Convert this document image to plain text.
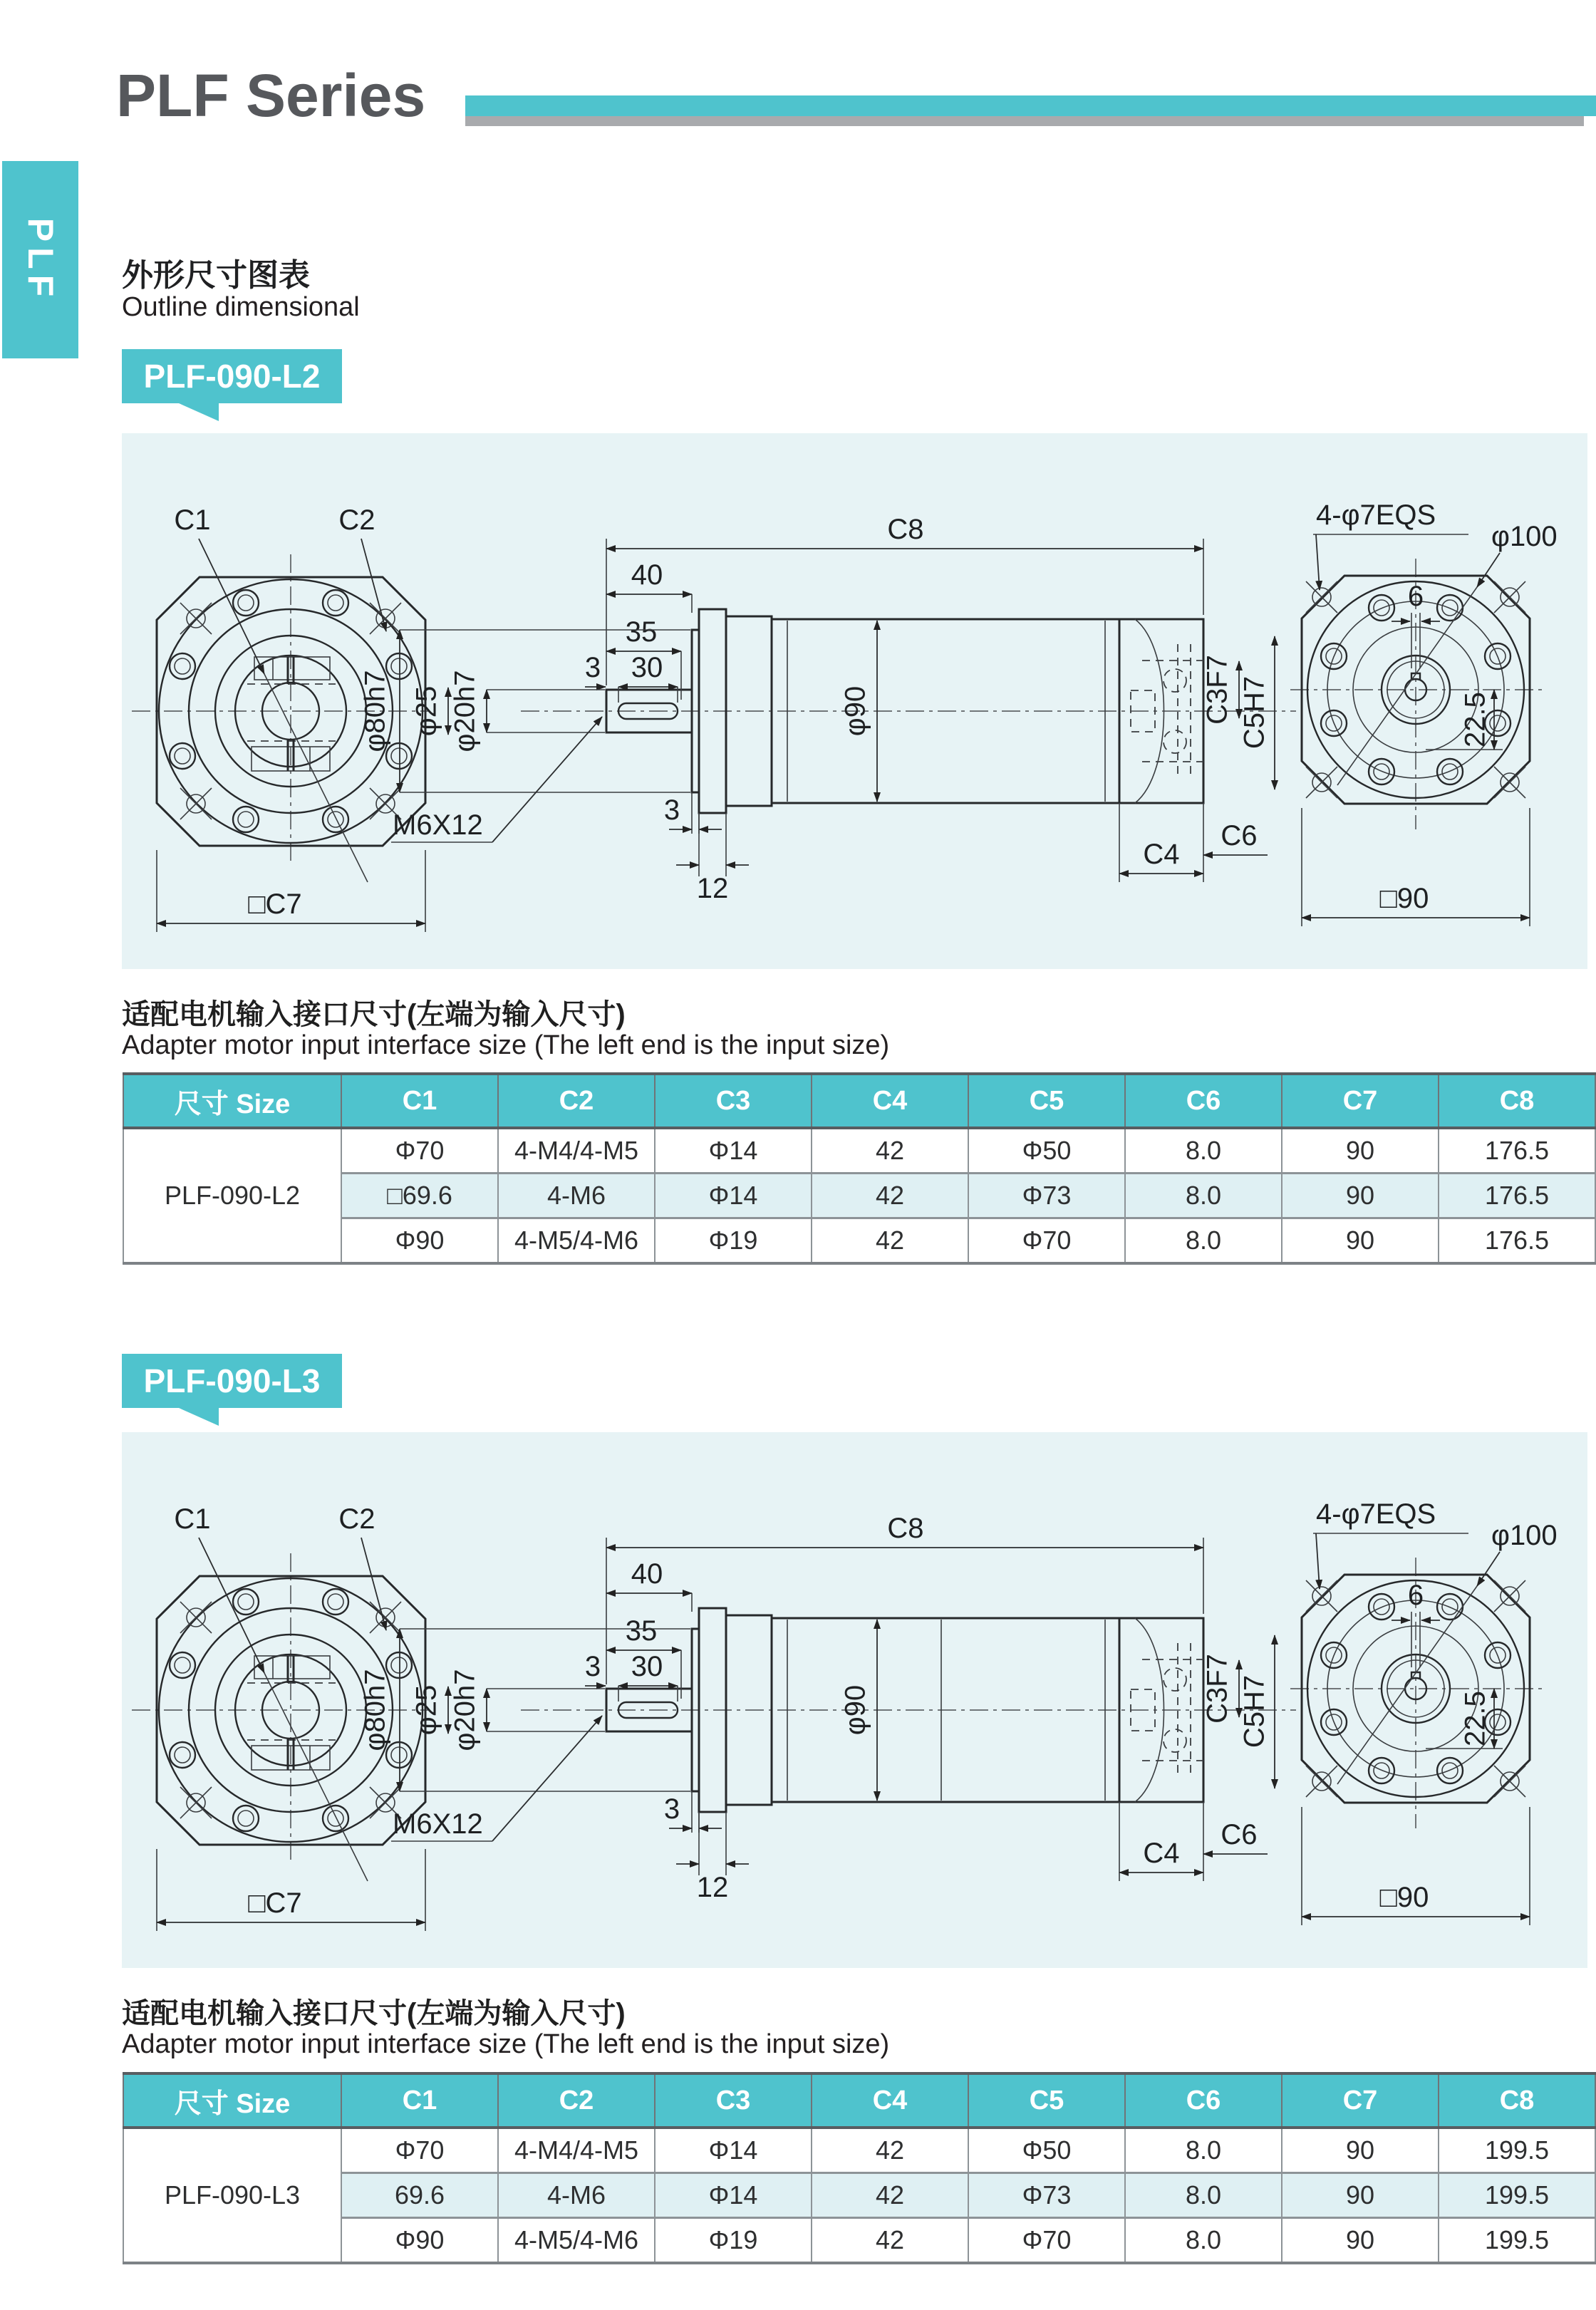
PLF Series
PLF 外形尺寸图表
Outline dimensional
PLF-090-L2
C1	C2
□C7
C8
40
35
30
3
φ80h7 φ25 φ20h7
M6X12
φ90
3
12
C4
C6
C3F7 C5H7
4-φ7EQS
φ100
6
22.5
□90
适配电机输入接口尺寸(左端为输入尺寸)
Adapter motor input interface size (The left end is the input size)
尺寸 Size	C1	C2	C3	C4	C5	C6	C7	C8
PLF-090-L2	Φ70	4-M4/4-M5	Φ14	42	Φ50	8.0	90	176.5
	□69.6	4-M6	Φ14	42	Φ73	8.0	90	176.5
	Φ90	4-M5/4-M6	Φ19	42	Φ70	8.0	90	176.5
PLF-090-L3
C1	C2
□C7
C8
40
35
30
3
φ80h7 φ25 φ20h7
M6X12
φ90
3
12
C4
C6
C3F7 C5H7
4-φ7EQS
φ100
6
22.5
□90
适配电机输入接口尺寸(左端为输入尺寸)
Adapter motor input interface size (The left end is the input size)
尺寸 Size	C1	C2	C3	C4	C5	C6	C7	C8
PLF-090-L3	Φ70	4-M4/4-M5	Φ14	42	Φ50	8.0	90	199.5
	69.6	4-M6	Φ14	42	Φ73	8.0	90	199.5
	Φ90	4-M5/4-M6	Φ19	42	Φ70	8.0	90	199.5
